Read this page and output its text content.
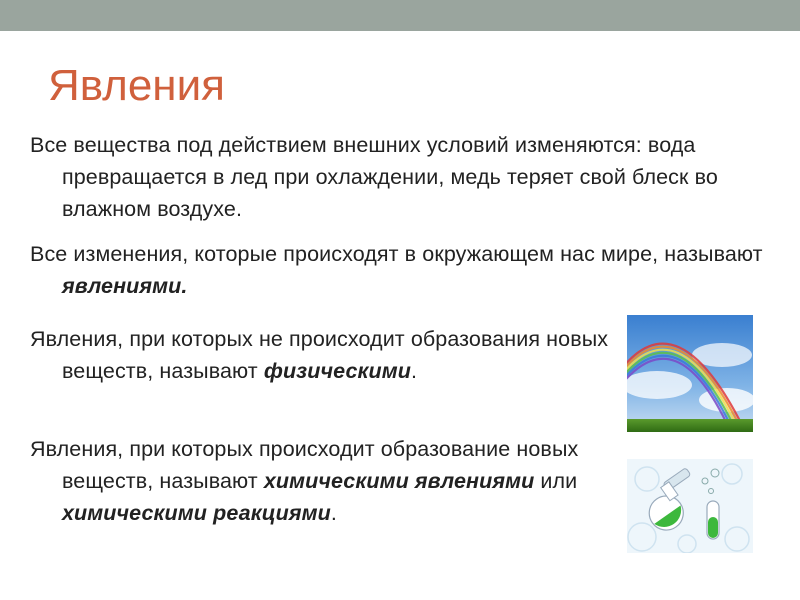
Явления

Все вещества под действием внешних условий изменяются: вода превращается в лед при охлаждении, медь теряет свой блеск во влажном воздухе.

Все изменения, которые происходят в окружающем нас мире, называют явлениями.

Явления, при которых не происходит образования новых веществ, называют физическими.

Явления, при которых происходит образование новых веществ, называют химическими явлениями или химическими реакциями.
